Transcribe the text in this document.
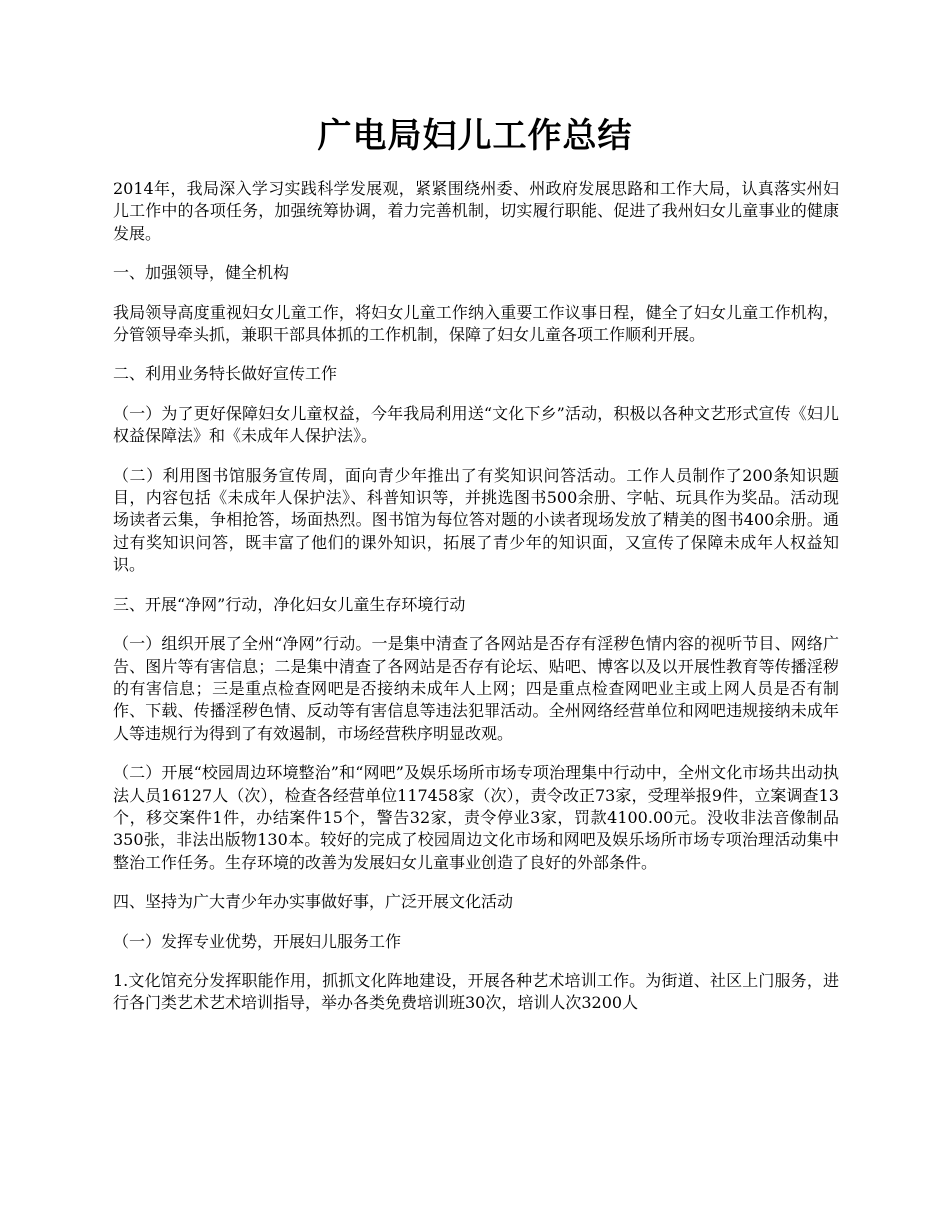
广电局妇儿工作总结

2014年，我局深入学习实践科学发展观，紧紧围绕州委、州政府发展思路和工作大局，认真落实州妇儿工作中的各项任务，加强统筹协调，着力完善机制，切实履行职能、促进了我州妇女儿童事业的健康发展。

一、加强领导，健全机构

我局领导高度重视妇女儿童工作，将妇女儿童工作纳入重要工作议事日程，健全了妇女儿童工作机构，分管领导牵头抓，兼职干部具体抓的工作机制，保障了妇女儿童各项工作顺利开展。

二、利用业务特长做好宣传工作

（一）为了更好保障妇女儿童权益，今年我局利用送“文化下乡”活动，积极以各种文艺形式宣传《妇儿权益保障法》和《未成年人保护法》。

（二）利用图书馆服务宣传周，面向青少年推出了有奖知识问答活动。工作人员制作了200条知识题目，内容包括《未成年人保护法》、科普知识等，并挑选图书500余册、字帖、玩具作为奖品。活动现场读者云集，争相抢答，场面热烈。图书馆为每位答对题的小读者现场发放了精美的图书400余册。通过有奖知识问答，既丰富了他们的课外知识，拓展了青少年的知识面，又宣传了保障未成年人权益知识。

三、开展“净网”行动，净化妇女儿童生存环境行动

（一）组织开展了全州“净网”行动。一是集中清查了各网站是否存有淫秽色情内容的视听节目、网络广告、图片等有害信息；二是集中清查了各网站是否存有论坛、贴吧、博客以及以开展性教育等传播淫秽的有害信息；三是重点检查网吧是否接纳未成年人上网；四是重点检查网吧业主或上网人员是否有制作、下载、传播淫秽色情、反动等有害信息等违法犯罪活动。全州网络经营单位和网吧违规接纳未成年人等违规行为得到了有效遏制，市场经营秩序明显改观。

（二）开展“校园周边环境整治”和“网吧”及娱乐场所市场专项治理集中行动中，全州文化市场共出动执法人员16127人（次），检查各经营单位117458家（次），责令改正73家，受理举报9件，立案调查13个，移交案件1件，办结案件15个，警告32家，责令停业3家，罚款4100.00元。没收非法音像制品350张，非法出版物130本。较好的完成了校园周边文化市场和网吧及娱乐场所市场专项治理活动集中整治工作任务。生存环境的改善为发展妇女儿童事业创造了良好的外部条件。

四、坚持为广大青少年办实事做好事，广泛开展文化活动

（一）发挥专业优势，开展妇儿服务工作

1.文化馆充分发挥职能作用，抓抓文化阵地建设，开展各种艺术培训工作。为街道、社区上门服务，进行各门类艺术艺术培训指导，举办各类免费培训班30次，培训人次3200人
